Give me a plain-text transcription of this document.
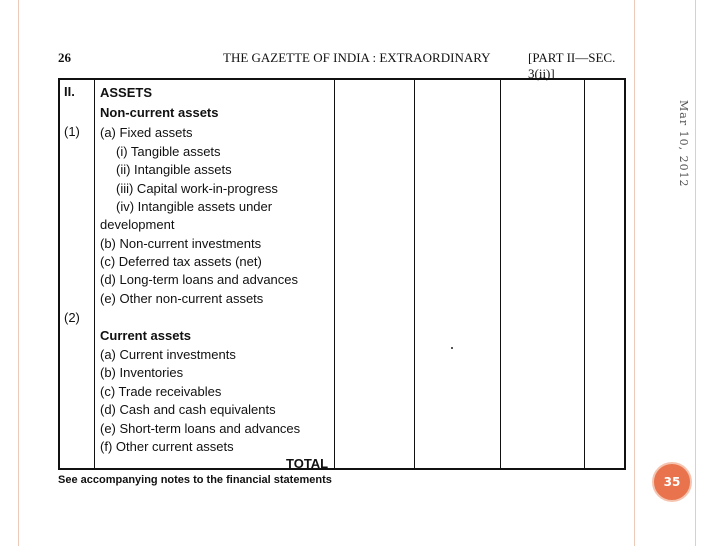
Mar 10, 2012
35
26	THE GAZETTE OF INDIA : EXTRAORDINARY	[PART II—SEC. 3(ii)]
II.
(1)
(2)
ASSETS
Non-current assets
(a) Fixed assets
(i) Tangible assets
(ii) Intangible assets
(iii) Capital work-in-progress
(iv) Intangible assets under
development
(b) Non-current investments
(c) Deferred tax assets (net)
(d) Long-term loans and advances
(e) Other non-current assets
Current assets
(a) Current investments
(b) Inventories
(c) Trade receivables
(d) Cash and cash equivalents
(e) Short-term loans and advances
(f) Other current assets
TOTAL
See accompanying notes to the financial statements
